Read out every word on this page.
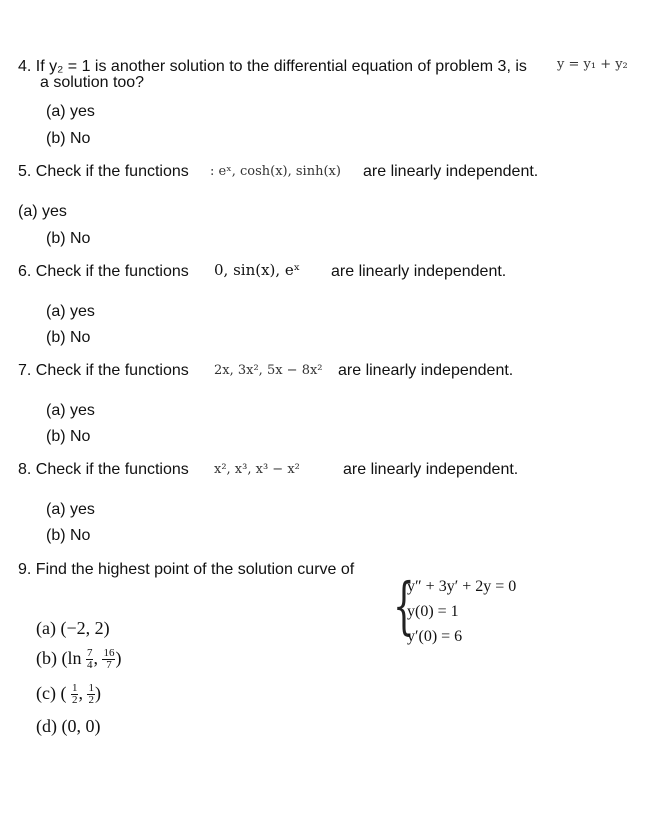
4. If y₂ = 1 is another solution to the differential equation of problem 3, is y = y₁ + y₂
a solution too?
(a) yes
(b) No
5. Check if the functions : eˣ, cosh(x), sinh(x) are linearly independent.
(a) yes
(b) No
6. Check if the functions 0, sin(x), eˣ are linearly independent.
(a) yes
(b) No
7. Check if the functions 2x, 3x², 5x − 8x² are linearly independent.
(a) yes
(b) No
8. Check if the functions x², x³, x³ − x²	are linearly independent.
(a) yes
(b) No
9. Find the highest point of the solution curve of {
y″ + 3y′ + 2y = 0
y(0) = 1
y′(0) = 6
(a) (−2, 2)
(b) ($\ln \frac{7}{4}$ , $\frac{16}{7}$ )
(c) ( $\frac{1}{2}$ , $\frac{1}{2}$ )
(d) (0, 0)
